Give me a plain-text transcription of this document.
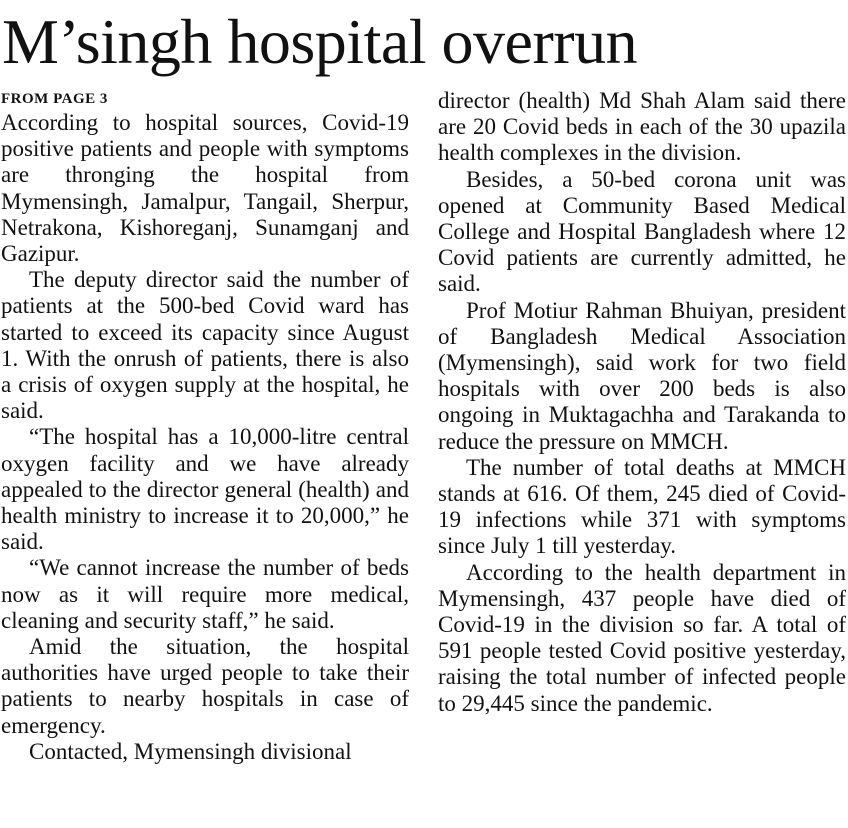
M’singh hospital overrun

FROM PAGE 3

According to hospital sources, Covid-19 positive patients and people with symptoms are thronging the hospital from Mymensingh, Jamalpur, Tangail, Sherpur, Netrakona, Kishoreganj, Sunamganj and Gazipur.

The deputy director said the number of patients at the 500-bed Covid ward has started to exceed its capacity since August 1. With the onrush of patients, there is also a crisis of oxygen supply at the hospital, he said.

“The hospital has a 10,000-litre central oxygen facility and we have already appealed to the director general (health) and health ministry to increase it to 20,000,” he said.

“We cannot increase the number of beds now as it will require more medical, cleaning and security staff,” he said.

Amid the situation, the hospital authorities have urged people to take their patients to nearby hospitals in case of emergency.

Contacted, Mymensingh divisional

director (health) Md Shah Alam said there are 20 Covid beds in each of the 30 upazila health complexes in the division.

Besides, a 50-bed corona unit was opened at Community Based Medical College and Hospital Bangladesh where 12 Covid patients are currently admitted, he said.

Prof Motiur Rahman Bhuiyan, president of Bangladesh Medical Association (Mymensingh), said work for two field hospitals with over 200 beds is also ongoing in Muktagachha and Tarakanda to reduce the pressure on MMCH.

The number of total deaths at MMCH stands at 616. Of them, 245 died of Covid-19 infections while 371 with symptoms since July 1 till yesterday.

According to the health department in Mymensingh, 437 people have died of Covid-19 in the division so far. A total of 591 people tested Covid positive yesterday, raising the total number of infected people to 29,445 since the pandemic.
